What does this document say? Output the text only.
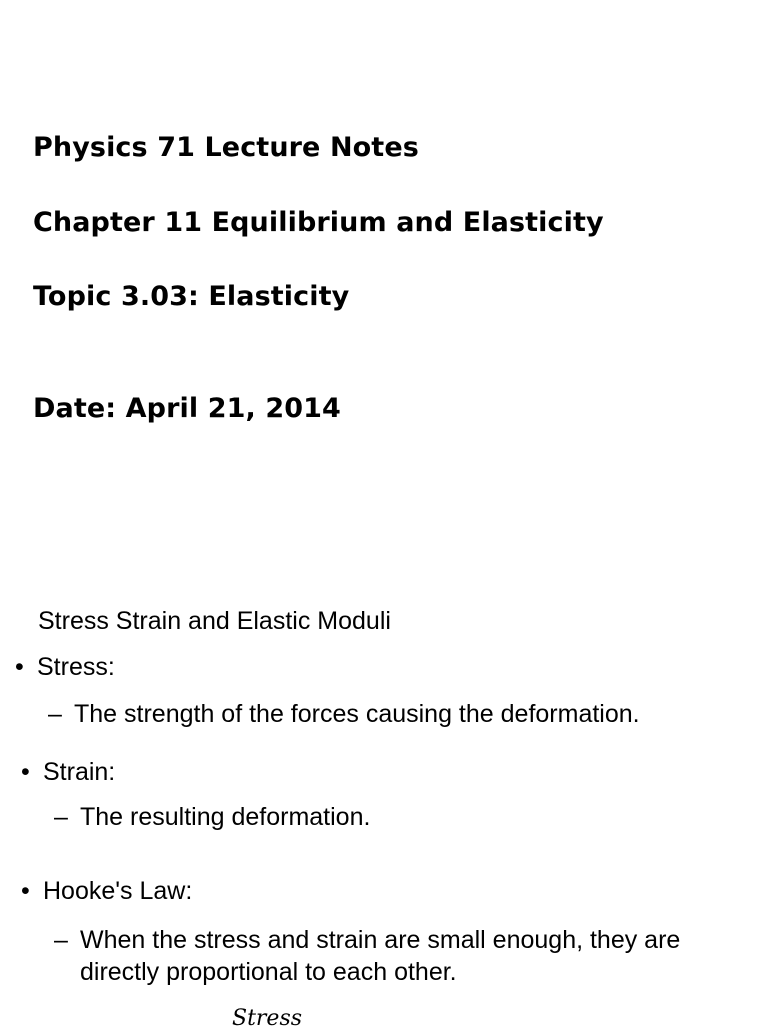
Physics 71 Lecture Notes
Chapter 11 Equilibrium and Elasticity
Topic 3.03: Elasticity
Date: April 21, 2014
Stress Strain and Elastic Moduli
• Stress:
– The strength of the forces causing the deformation.
• Strain:
– The resulting deformation.
• Hooke's Law:
– When the stress and strain are small enough, they are directly proportional to each other.
Stress
